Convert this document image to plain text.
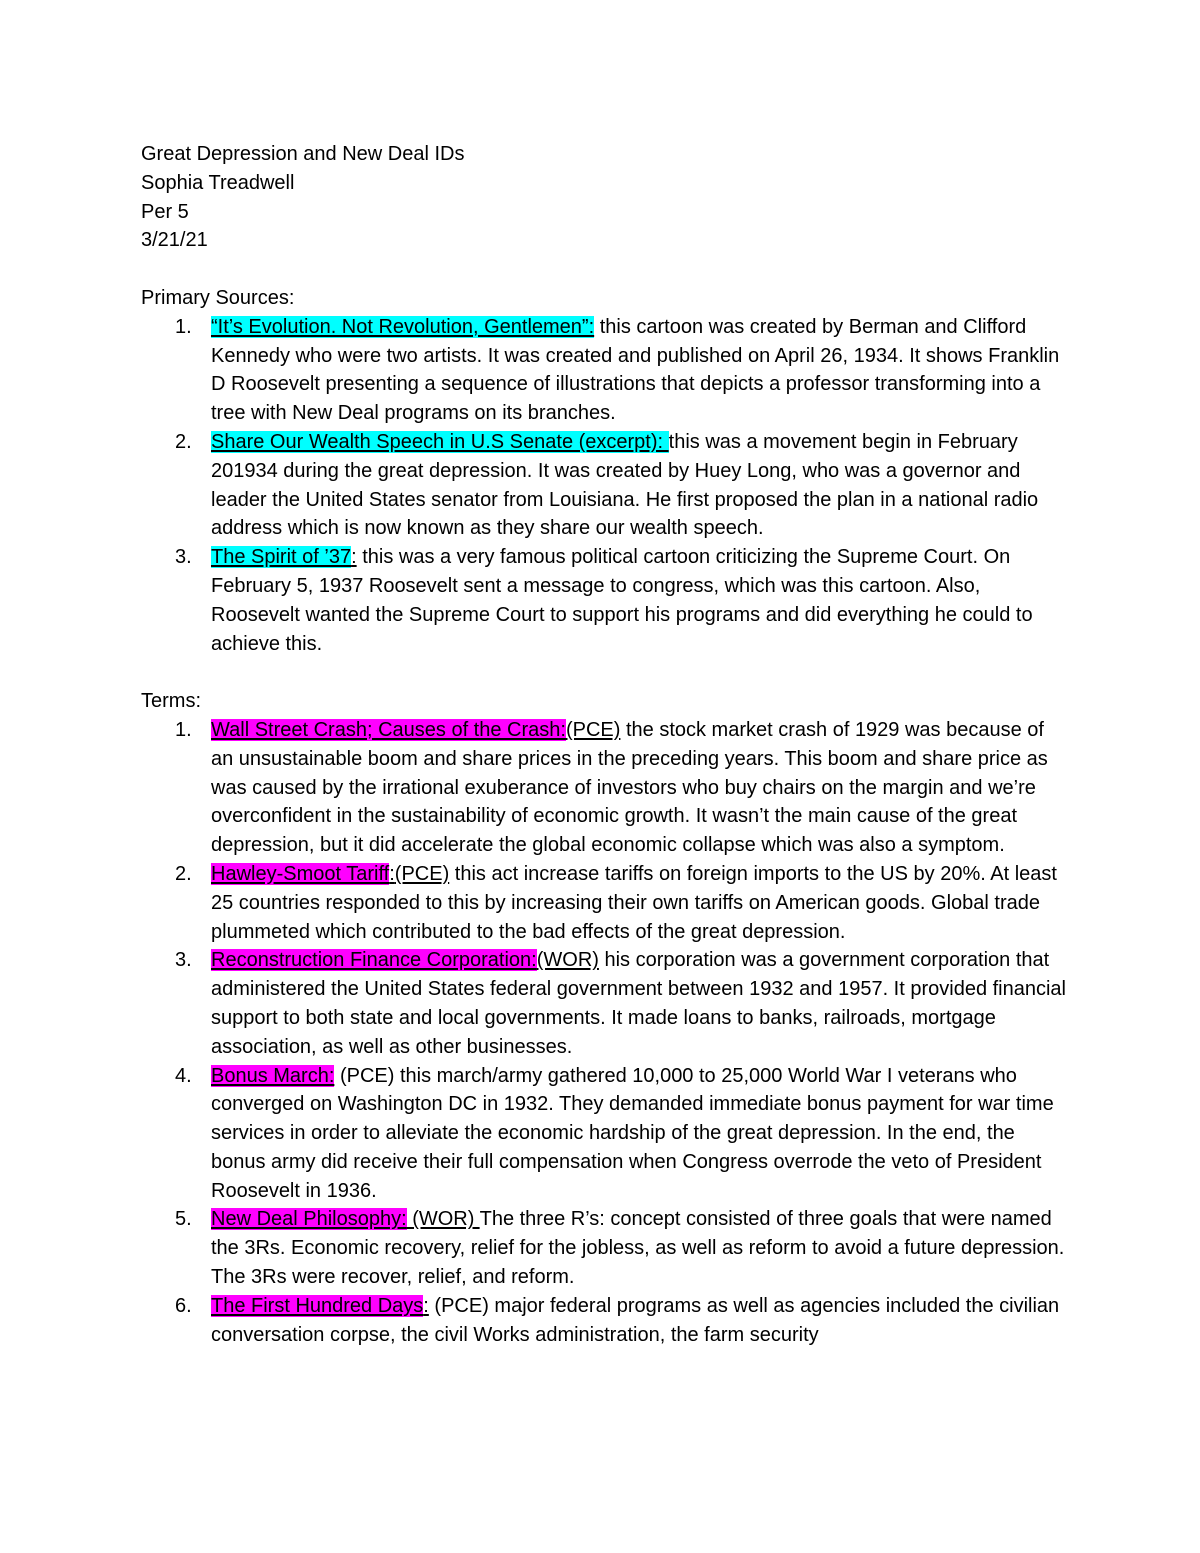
Great Depression and New Deal IDs
Sophia Treadwell
Per 5
3/21/21
Primary Sources:
1. “It’s Evolution. Not Revolution, Gentlemen”: this cartoon was created by Berman and Clifford Kennedy who were two artists. It was created and published on April 26, 1934. It shows Franklin D Roosevelt presenting a sequence of illustrations that depicts a professor transforming into a tree with New Deal programs on its branches.
2. Share Our Wealth Speech in U.S Senate (excerpt): this was a movement begin in February 201934 during the great depression. It was created by Huey Long, who was a governor and leader the United States senator from Louisiana. He first proposed the plan in a national radio address which is now known as they share our wealth speech.
3. The Spirit of ’37: this was a very famous political cartoon criticizing the Supreme Court. On February 5, 1937 Roosevelt sent a message to congress, which was this cartoon. Also, Roosevelt wanted the Supreme Court to support his programs and did everything he could to achieve this.
Terms:
1. Wall Street Crash; Causes of the Crash:(PCE) the stock market crash of 1929 was because of an unsustainable boom and share prices in the preceding years. This boom and share price as was caused by the irrational exuberance of investors who buy chairs on the margin and we’re overconfident in the sustainability of economic growth. It wasn’t the main cause of the great depression, but it did accelerate the global economic collapse which was also a symptom.
2. Hawley-Smoot Tariff:(PCE) this act increase tariffs on foreign imports to the US by 20%. At least 25 countries responded to this by increasing their own tariffs on American goods. Global trade plummeted which contributed to the bad effects of the great depression.
3. Reconstruction Finance Corporation:(WOR) his corporation was a government corporation that administered the United States federal government between 1932 and 1957. It provided financial support to both state and local governments. It made loans to banks, railroads, mortgage association, as well as other businesses.
4. Bonus March: (PCE) this march/army gathered 10,000 to 25,000 World War I veterans who converged on Washington DC in 1932. They demanded immediate bonus payment for war time services in order to alleviate the economic hardship of the great depression. In the end, the bonus army did receive their full compensation when Congress overrode the veto of President Roosevelt in 1936.
5. New Deal Philosophy: (WOR) The three R’s: concept consisted of three goals that were named the 3Rs. Economic recovery, relief for the jobless, as well as reform to avoid a future depression. The 3Rs were recover, relief, and reform.
6. The First Hundred Days: (PCE) major federal programs as well as agencies included the civilian conversation corpse, the civil Works administration, the farm security
